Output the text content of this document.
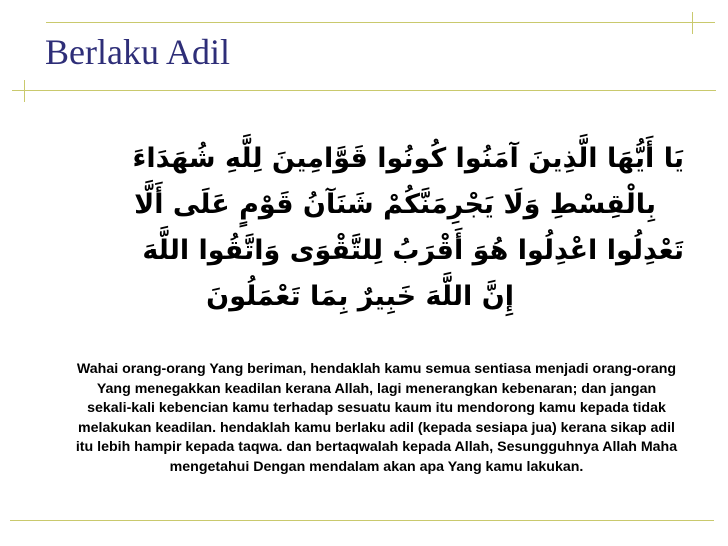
Berlaku Adil
يَا أَيُّهَا الَّذِينَ آمَنُوا كُونُوا قَوَّامِينَ لِلَّهِ شُهَدَاءَ
بِالْقِسْطِ وَلَا يَجْرِمَنَّكُمْ شَنَآنُ قَوْمٍ عَلَى أَلَّا
تَعْدِلُوا اعْدِلُوا هُوَ أَقْرَبُ لِلتَّقْوَى وَاتَّقُوا اللَّهَ
إِنَّ اللَّهَ خَبِيرٌ بِمَا تَعْمَلُونَ

Wahai orang-orang Yang beriman, hendaklah kamu semua sentiasa menjadi orang-orang Yang menegakkan keadilan kerana Allah, lagi menerangkan kebenaran; dan jangan sekali-kali kebencian kamu terhadap sesuatu kaum itu mendorong kamu kepada tidak melakukan keadilan. hendaklah kamu berlaku adil (kepada sesiapa jua) kerana sikap adil itu lebih hampir kepada taqwa. dan bertaqwalah kepada Allah, Sesungguhnya Allah Maha mengetahui Dengan mendalam akan apa Yang kamu lakukan.
